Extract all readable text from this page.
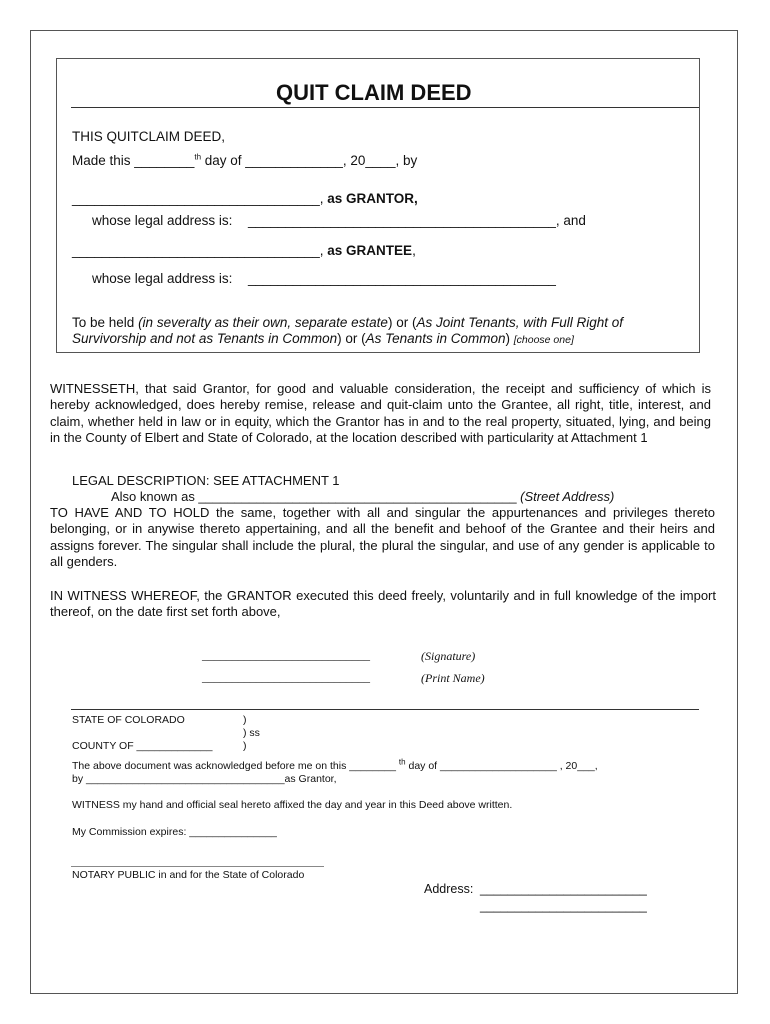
QUIT CLAIM DEED
THIS QUITCLAIM DEED,
Made this ________$^{th}$ day of _____________, 20____, by
_________________________________, as GRANTOR,
whose legal address is: _________________________________________, and
_________________________________, as GRANTEE,
whose legal address is: _________________________________________
To be held (in severalty as their own, separate estate) or (As Joint Tenants, with Full Right of
Survivorship and not as Tenants in Common) or (As Tenants in Common) [choose one]
WITNESSETH, that said Grantor, for good and valuable consideration, the receipt and sufficiency of which is hereby acknowledged, does hereby remise, release and quit-claim unto the Grantee, all right, title, interest, and claim, whether held in law or in equity, which the Grantor has in and to the real property, situated, lying, and being in the County of Elbert and State of Colorado, at the location described with particularity at Attachment 1
LEGAL DESCRIPTION: SEE ATTACHMENT 1
Also known as ____________________________________________ (Street Address)
TO HAVE AND TO HOLD the same, together with all and singular the appurtenances and privileges thereto belonging, or in anywise thereto appertaining, and all the benefit and behoof of the Grantee and their heirs and assigns forever. The singular shall include the plural, the plural the singular, and use of any gender is applicable to all genders.
IN WITNESS WHEREOF, the GRANTOR executed this deed freely, voluntarily and in full knowledge of the import thereof, on the date first set forth above,
____________________________	(Signature)
____________________________	(Print Name)
STATE OF COLORADO	)
) ss
COUNTY OF _____________	)
The above document was acknowledged before me on this ________ $^{th}$ day of ____________________ , 20___,
by __________________________________as Grantor,
WITNESS my hand and official seal hereto affixed the day and year in this Deed above written.
My Commission expires: _______________
NOTARY PUBLIC in and for the State of Colorado
Address: ________________________
________________________
